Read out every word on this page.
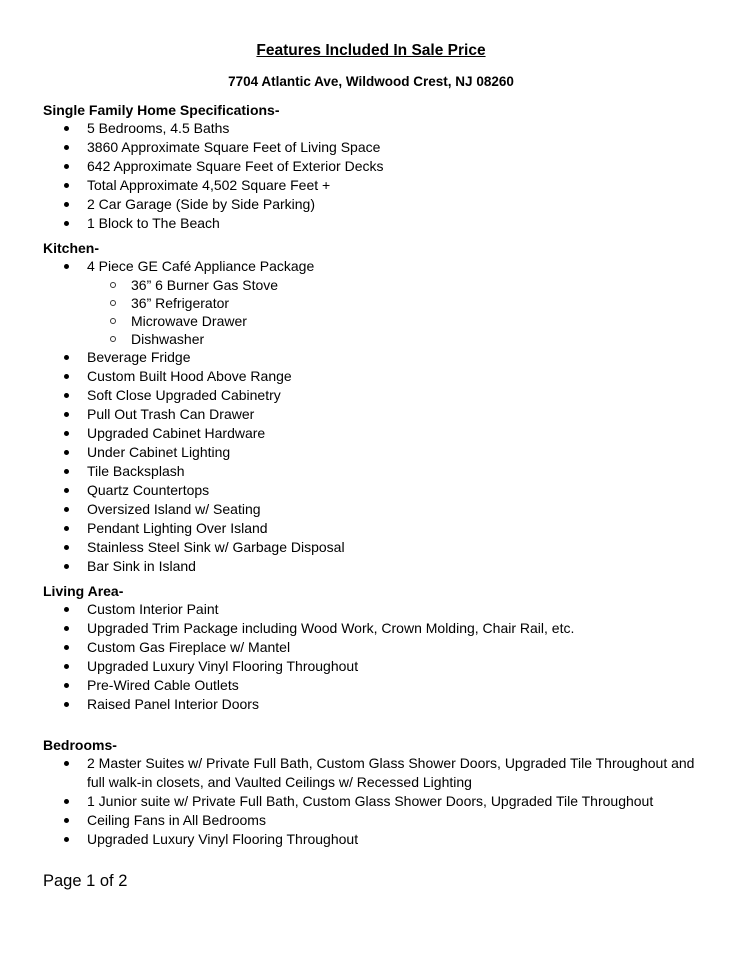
Features Included In Sale Price
7704 Atlantic Ave, Wildwood Crest, NJ 08260
Single Family Home Specifications-
5 Bedrooms, 4.5 Baths
3860 Approximate Square Feet of Living Space
642 Approximate Square Feet of Exterior Decks
Total Approximate 4,502 Square Feet +
2 Car Garage (Side by Side Parking)
1 Block to The Beach
Kitchen-
4 Piece GE Café Appliance Package
36” 6 Burner Gas Stove
36” Refrigerator
Microwave Drawer
Dishwasher
Beverage Fridge
Custom Built Hood Above Range
Soft Close Upgraded Cabinetry
Pull Out Trash Can Drawer
Upgraded Cabinet Hardware
Under Cabinet Lighting
Tile Backsplash
Quartz Countertops
Oversized Island w/ Seating
Pendant Lighting Over Island
Stainless Steel Sink w/ Garbage Disposal
Bar Sink in Island
Living Area-
Custom Interior Paint
Upgraded Trim Package including Wood Work, Crown Molding, Chair Rail, etc.
Custom Gas Fireplace w/ Mantel
Upgraded Luxury Vinyl Flooring Throughout
Pre-Wired Cable Outlets
Raised Panel Interior Doors
Bedrooms-
2 Master Suites w/ Private Full Bath, Custom Glass Shower Doors, Upgraded Tile Throughout and full walk-in closets, and Vaulted Ceilings w/ Recessed Lighting
1 Junior suite w/ Private Full Bath, Custom Glass Shower Doors, Upgraded Tile Throughout
Ceiling Fans in All Bedrooms
Upgraded Luxury Vinyl Flooring Throughout
Page 1 of 2
